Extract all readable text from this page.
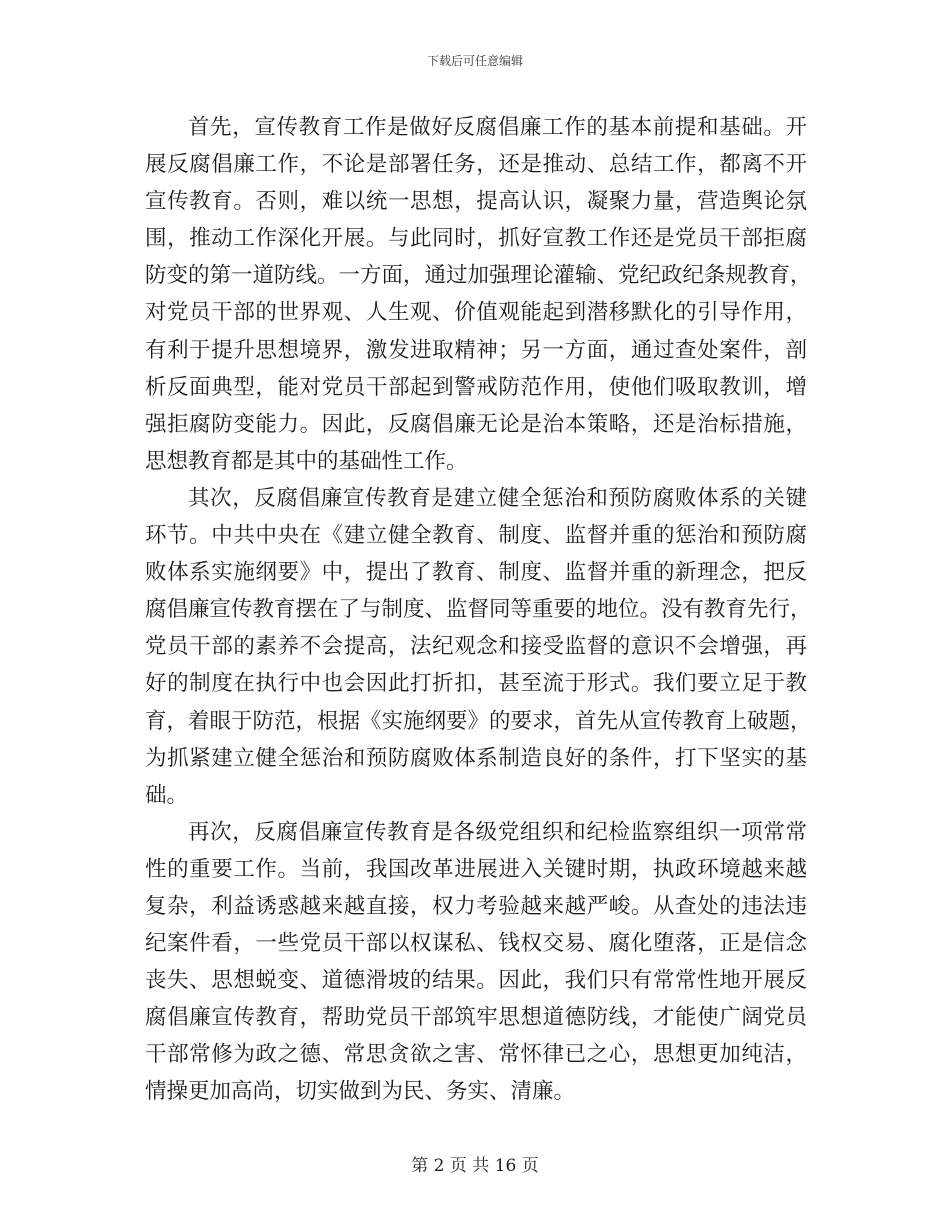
下载后可任意编辑
首先，宣传教育工作是做好反腐倡廉工作的基本前提和基础。开
展反腐倡廉工作，不论是部署任务，还是推动、总结工作，都离不开
宣传教育。否则，难以统一思想，提高认识，凝聚力量，营造舆论氛
围，推动工作深化开展。与此同时，抓好宣教工作还是党员干部拒腐
防变的第一道防线。一方面，通过加强理论灌输、党纪政纪条规教育，
对党员干部的世界观、人生观、价值观能起到潜移默化的引导作用，
有利于提升思想境界，激发进取精神；另一方面，通过查处案件，剖
析反面典型，能对党员干部起到警戒防范作用，使他们吸取教训，增
强拒腐防变能力。因此，反腐倡廉无论是治本策略，还是治标措施，
思想教育都是其中的基础性工作。
其次，反腐倡廉宣传教育是建立健全惩治和预防腐败体系的关键
环节。中共中央在《建立健全教育、制度、监督并重的惩治和预防腐
败体系实施纲要》中，提出了教育、制度、监督并重的新理念，把反
腐倡廉宣传教育摆在了与制度、监督同等重要的地位。没有教育先行，
党员干部的素养不会提高，法纪观念和接受监督的意识不会增强，再
好的制度在执行中也会因此打折扣，甚至流于形式。我们要立足于教
育，着眼于防范，根据《实施纲要》的要求，首先从宣传教育上破题，
为抓紧建立健全惩治和预防腐败体系制造良好的条件，打下坚实的基
础。
再次，反腐倡廉宣传教育是各级党组织和纪检监察组织一项常常
性的重要工作。当前，我国改革进展进入关键时期，执政环境越来越
复杂，利益诱惑越来越直接，权力考验越来越严峻。从查处的违法违
纪案件看，一些党员干部以权谋私、钱权交易、腐化堕落，正是信念
丧失、思想蜕变、道德滑坡的结果。因此，我们只有常常性地开展反
腐倡廉宣传教育，帮助党员干部筑牢思想道德防线，才能使广阔党员
干部常修为政之德、常思贪欲之害、常怀律已之心，思想更加纯洁，
情操更加高尚，切实做到为民、务实、清廉。
第 2 页 共 16 页
